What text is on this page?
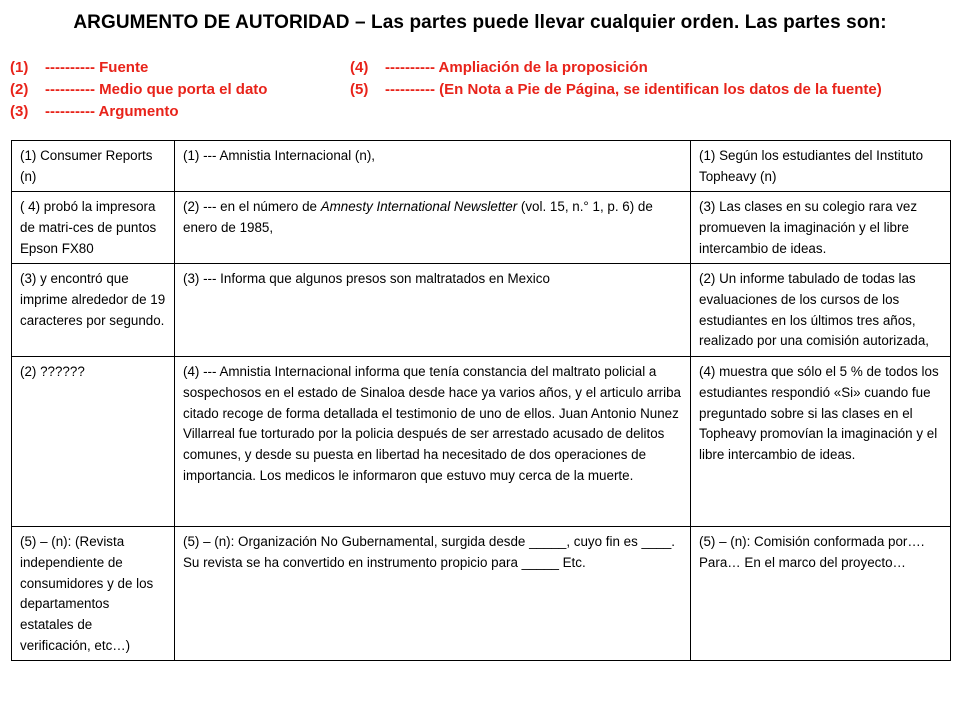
ARGUMENTO DE AUTORIDAD – Las partes puede llevar cualquier orden. Las partes son:
(1) ---------- Fuente
(2) ---------- Medio que porta el dato
(3) ---------- Argumento
(4) ---------- Ampliación de la proposición
(5) ---------- (En Nota a Pie de Página, se identifican los datos de la fuente)
(1) Consumer Reports (n)	(1) --- Amnistia Internacional (n),	(1) Según los estudiantes del Instituto Topheavy (n)
( 4) probó la impresora de matri-ces de puntos Epson FX80	(2) --- en el número de Amnesty International Newsletter (vol. 15, n.° 1, p. 6) de enero de 1985,	(3) Las clases en su colegio rara vez promueven la imaginación y el libre intercambio de ideas.
(3) y encontró que imprime alrededor de 19 caracteres por segundo.	(3) --- Informa que algunos presos son maltratados en Mexico	(2) Un informe tabulado de todas las evaluaciones de los cursos de los estudiantes en los últimos tres años, realizado por una comisión autorizada,
(2) ??????	(4) --- Amnistia Internacional informa que tenía constancia del maltrato policial a sospechosos en el estado de Sinaloa desde hace ya varios años, y el articulo arriba citado recoge de forma detallada el testimonio de uno de ellos. Juan Antonio Nunez Villarreal fue torturado por la policia después de ser arrestado acusado de delitos comunes, y desde su puesta en libertad ha necesitado de dos operaciones de importancia. Los medicos le informaron que estuvo muy cerca de la muerte.	(4) muestra que sólo el 5 % de todos los estudiantes respondió «Si» cuando fue preguntado sobre si las clases en el Topheavy promovían la imaginación y el libre intercambio de ideas.
(5) – (n): (Revista independiente de consumidores y de los departamentos estatales de verificación, etc…)	(5) – (n): Organización No Gubernamental, surgida desde _____, cuyo fin es ____. Su revista se ha convertido en instrumento propicio para _____ Etc.	(5) – (n): Comisión conformada por…. Para… En el marco del proyecto…
